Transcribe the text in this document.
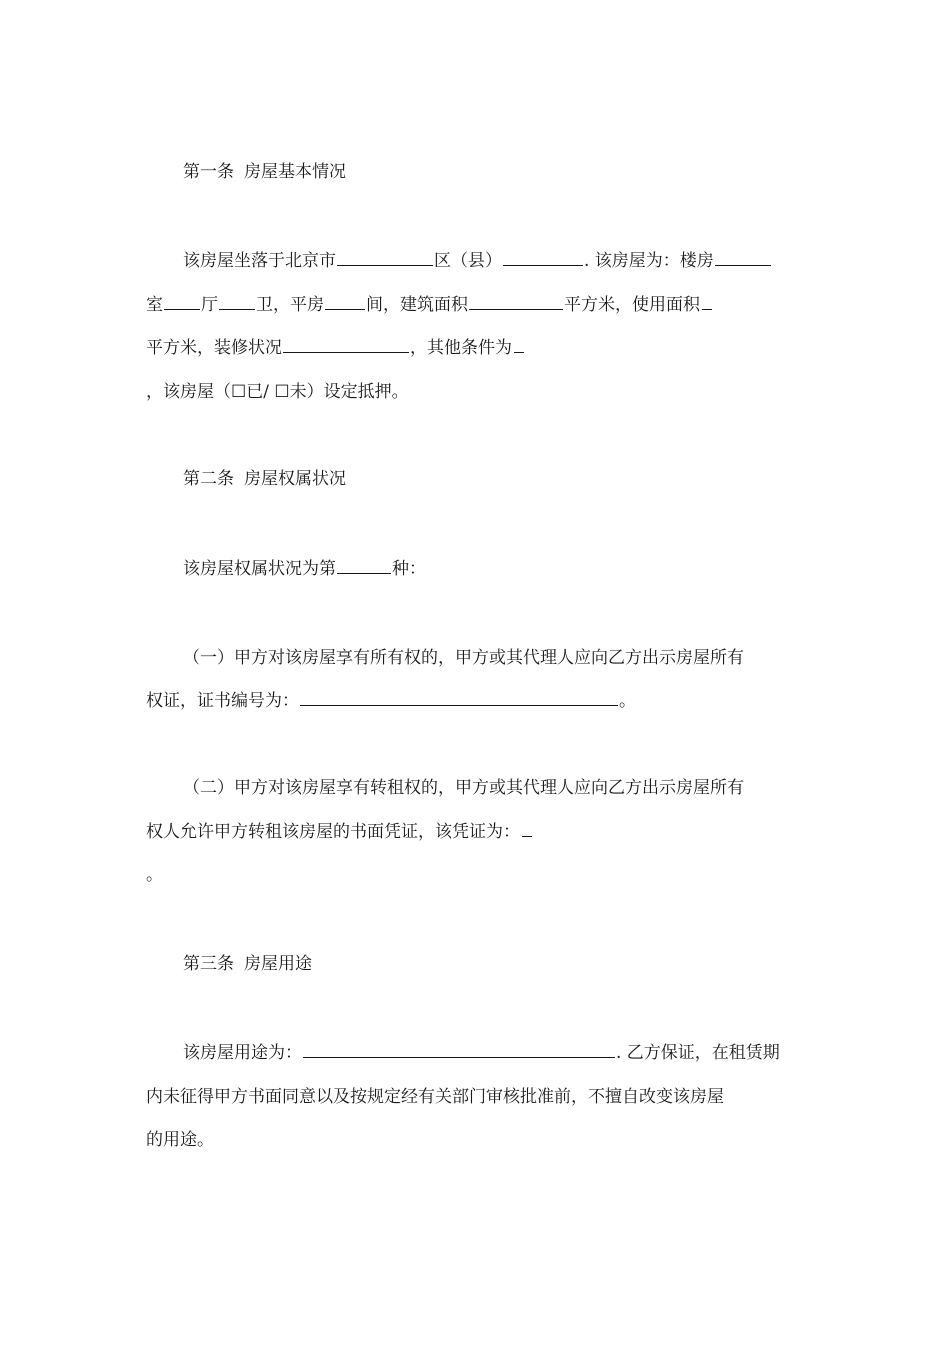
第一条 房屋基本情况
该房屋坐落于北京市	区（县）	. 该房屋为：楼房
室 厅 卫，平房 间，建筑面积	平方米，使用面积
平方米，装修状况	，其他条件为
，该房屋（☐已/ ☐未）设定抵押。
第二条 房屋权属状况
该房屋权属状况为第	种：
（一）甲方对该房屋享有所有权的，甲方或其代理人应向乙方出示房屋所有
权证，证书编号为：	。
（二）甲方对该房屋享有转租权的，甲方或其代理人应向乙方出示房屋所有
权人允许甲方转租该房屋的书面凭证，该凭证为：
。
第三条 房屋用途
该房屋用途为：	. 乙方保证，在租赁期
内未征得甲方书面同意以及按规定经有关部门审核批准前，不擅自改变该房屋
的用途。
